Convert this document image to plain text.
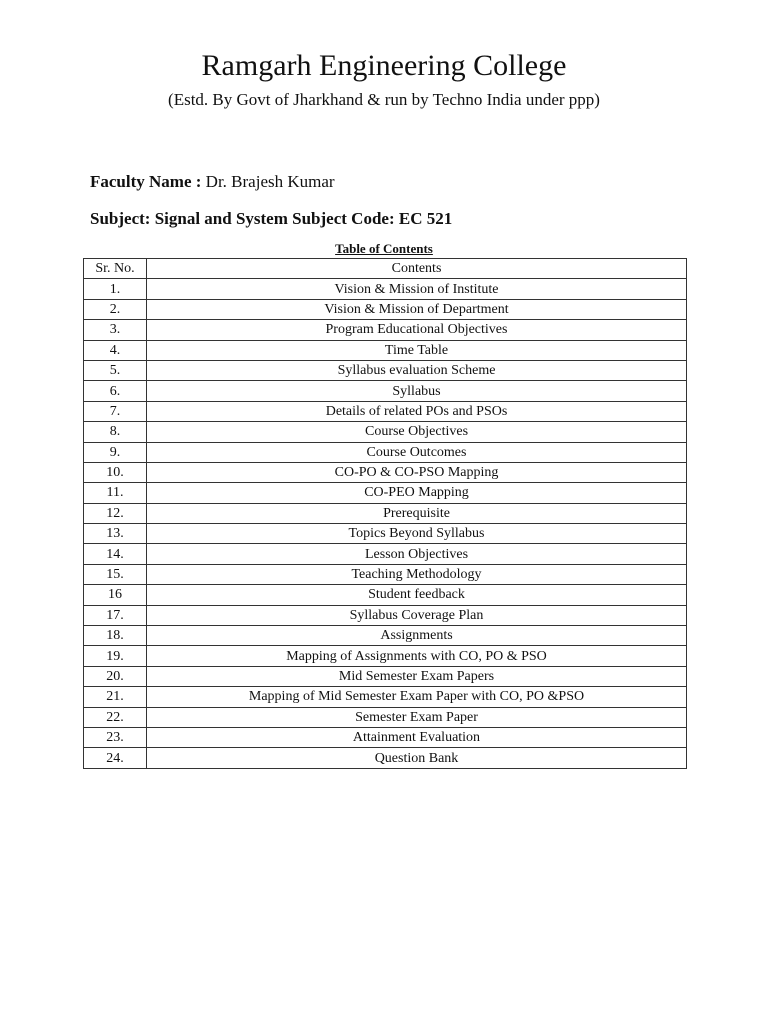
Ramgarh Engineering College
(Estd. By Govt of Jharkhand & run by Techno India under ppp)
Faculty Name : Dr. Brajesh Kumar
Subject: Signal and System Subject Code: EC 521
Table of Contents
Sr. No.	Contents
1.	Vision & Mission of Institute
2.	Vision & Mission of Department
3.	Program Educational Objectives
4.	Time Table
5.	Syllabus evaluation Scheme
6.	Syllabus
7.	Details of related POs and PSOs
8.	Course Objectives
9.	Course Outcomes
10.	CO-PO & CO-PSO Mapping
11.	CO-PEO Mapping
12.	Prerequisite
13.	Topics Beyond Syllabus
14.	Lesson Objectives
15.	Teaching Methodology
16	Student feedback
17.	Syllabus Coverage Plan
18.	Assignments
19.	Mapping of Assignments with CO, PO & PSO
20.	Mid Semester Exam Papers
21.	Mapping of Mid Semester Exam Paper with CO, PO &PSO
22.	Semester Exam Paper
23.	Attainment Evaluation
24.	Question Bank
